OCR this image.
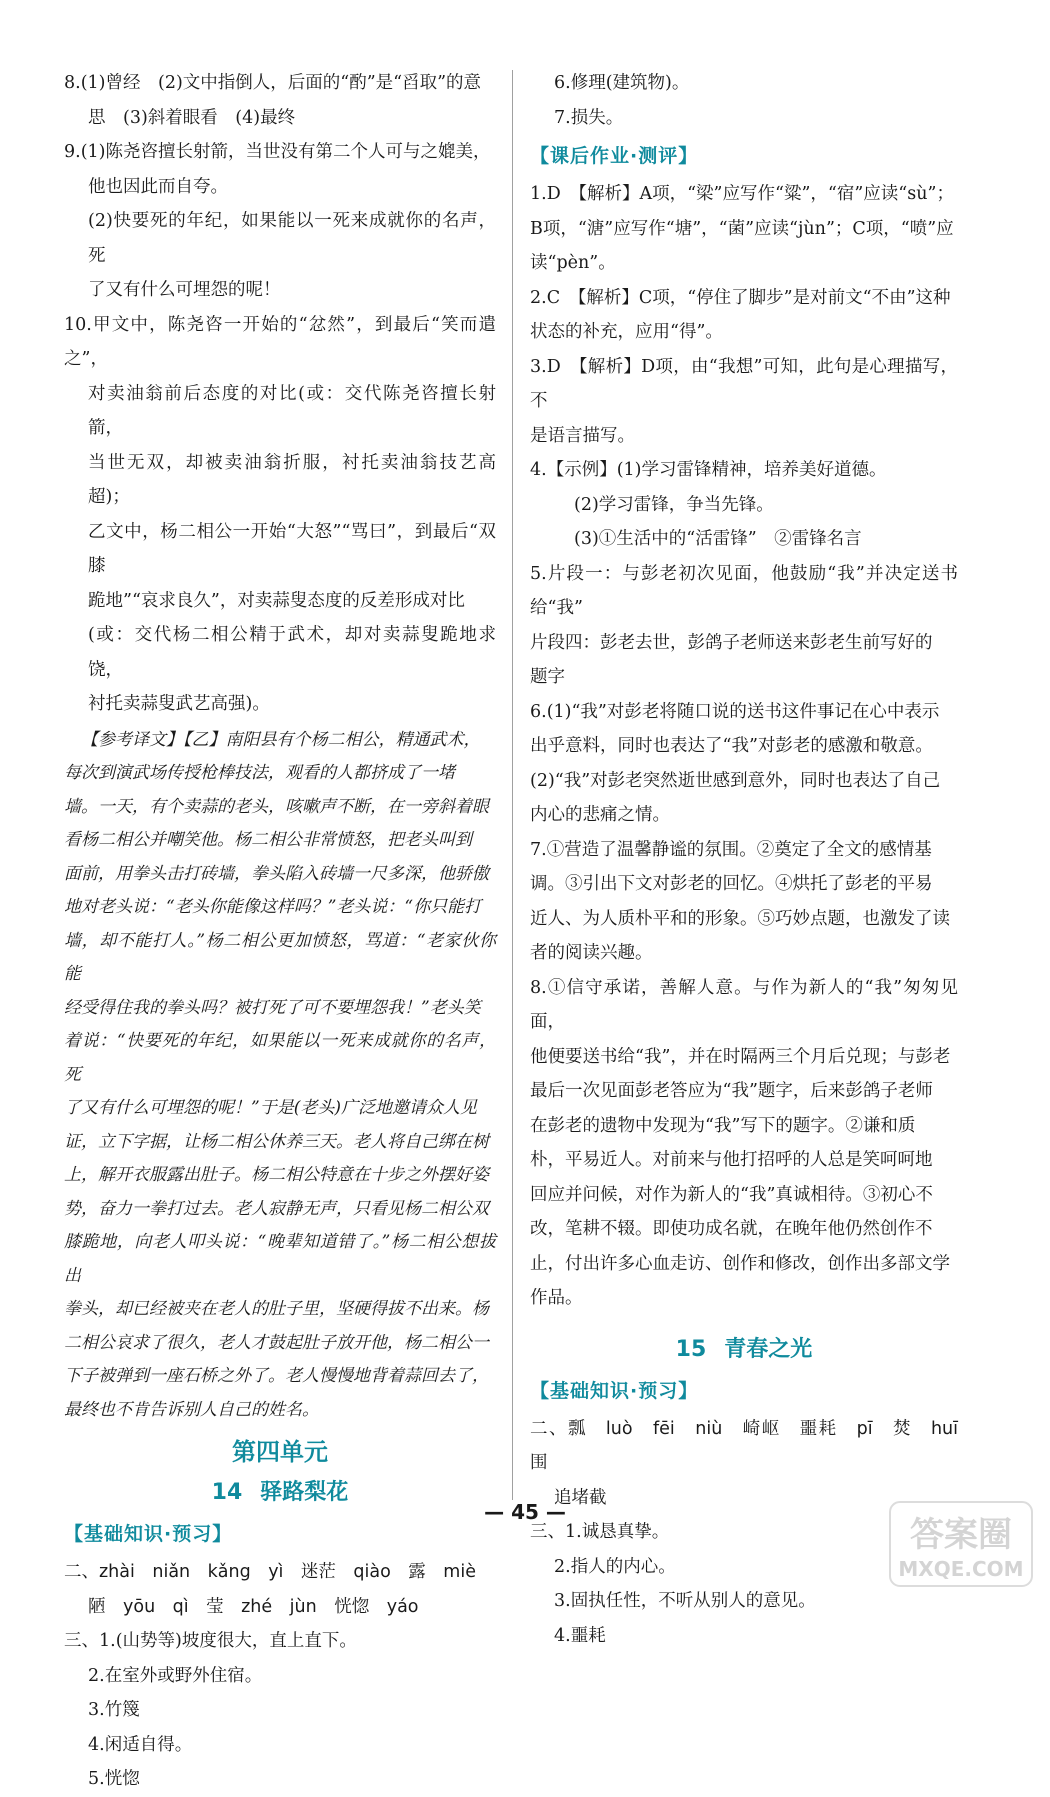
8.(1)曾经　(2)文中指倒人，后面的“酌”是“舀取”的意

思　(3)斜着眼看　(4)最终

9.(1)陈尧咨擅长射箭，当世没有第二个人可与之媲美，

他也因此而自夸。

(2)快要死的年纪，如果能以一死来成就你的名声，死

了又有什么可埋怨的呢！

10.甲文中，陈尧咨一开始的“忿然”，到最后“笑而遣之”，

对卖油翁前后态度的对比(或：交代陈尧咨擅长射箭，

当世无双，却被卖油翁折服，衬托卖油翁技艺高超)；

乙文中，杨二相公一开始“大怒”“骂曰”，到最后“双膝

跪地”“哀求良久”，对卖蒜叟态度的反差形成对比

(或：交代杨二相公精于武术，却对卖蒜叟跪地求饶，

衬托卖蒜叟武艺高强)。

【参考译文】【乙】南阳县有个杨二相公，精通武术，

每次到演武场传授枪棒技法，观看的人都挤成了一堵

墙。一天，有个卖蒜的老头，咳嗽声不断，在一旁斜着眼

看杨二相公并嘲笑他。杨二相公非常愤怒，把老头叫到

面前，用拳头击打砖墙，拳头陷入砖墙一尺多深，他骄傲

地对老头说：“老头你能像这样吗？”老头说：“你只能打

墙，却不能打人。”杨二相公更加愤怒，骂道：“老家伙你能

经受得住我的拳头吗？被打死了可不要埋怨我！”老头笑

着说：“快要死的年纪，如果能以一死来成就你的名声，死

了又有什么可埋怨的呢！”于是(老头)广泛地邀请众人见

证，立下字据，让杨二相公休养三天。老人将自己绑在树

上，解开衣服露出肚子。杨二相公特意在十步之外摆好姿

势，奋力一拳打过去。老人寂静无声，只看见杨二相公双

膝跪地，向老人叩头说：“晚辈知道错了。”杨二相公想拔出

拳头，却已经被夹在老人的肚子里，坚硬得拔不出来。杨

二相公哀求了很久，老人才鼓起肚子放开他，杨二相公一

下子被弹到一座石桥之外了。老人慢慢地背着蒜回去了，

最终也不肯告诉别人自己的姓名。

第四单元
14 驿路梨花
【基础知识·预习】

二、zhài　niǎn　kǎng　yì　迷茫　qiào　露　miè

陋　yōu　qì　莹　zhé　jùn　恍惚　yáo

三、1.(山势等)坡度很大，直上直下。

2.在室外或野外住宿。

3.竹篾

4.闲适自得。

5.恍惚

6.修理(建筑物)。

7.损失。

【课后作业·测评】

1.D　【解析】A项，“梁”应写作“粱”，“宿”应读“sù”；

B项，“溏”应写作“塘”，“菌”应读“jùn”；C项，“喷”应

读“pèn”。

2.C　【解析】C项，“停住了脚步”是对前文“不由”这种

状态的补充，应用“得”。

3.D　【解析】D项，由“我想”可知，此句是心理描写，不

是语言描写。

4.【示例】(1)学习雷锋精神，培养美好道德。

(2)学习雷锋，争当先锋。

(3)①生活中的“活雷锋”　②雷锋名言

5.片段一：与彭老初次见面，他鼓励“我”并决定送书给“我”

片段四：彭老去世，彭鸽子老师送来彭老生前写好的

题字

6.(1)“我”对彭老将随口说的送书这件事记在心中表示

出乎意料，同时也表达了“我”对彭老的感激和敬意。

(2)“我”对彭老突然逝世感到意外，同时也表达了自己

内心的悲痛之情。

7.①营造了温馨静谧的氛围。②奠定了全文的感情基

调。③引出下文对彭老的回忆。④烘托了彭老的平易

近人、为人质朴平和的形象。⑤巧妙点题，也激发了读

者的阅读兴趣。

8.①信守承诺，善解人意。与作为新人的“我”匆匆见面，

他便要送书给“我”，并在时隔两三个月后兑现；与彭老

最后一次见面彭老答应为“我”题字，后来彭鸽子老师

在彭老的遗物中发现为“我”写下的题字。②谦和质

朴，平易近人。对前来与他打招呼的人总是笑呵呵地

回应并问候，对作为新人的“我”真诚相待。③初心不

改，笔耕不辍。即使功成名就，在晚年他仍然创作不

止，付出许多心血走访、创作和修改，创作出多部文学

作品。

15 青春之光
【基础知识·预习】

二、瓢　luò　fēi　niù　崎岖　噩耗　pī　焚　huī　围

追堵截

三、1.诚恳真挚。

2.指人的内心。

3.固执任性，不听从别人的意见。

4.噩耗

— 45 —
答案圈
MXQE.COM
